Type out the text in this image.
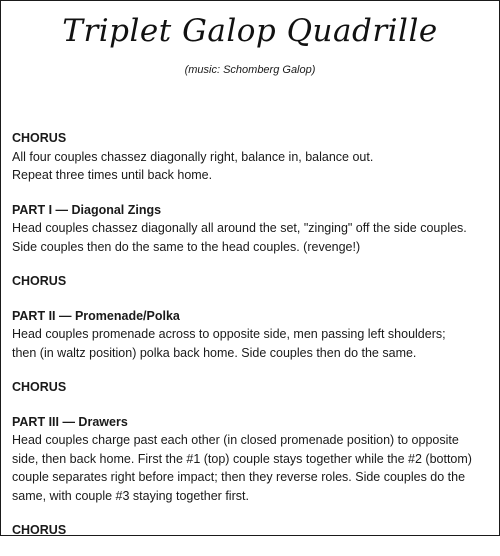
Triplet Galop Quadrille
(music: Schomberg Galop)
CHORUS
All four couples chassez diagonally right, balance in, balance out.
Repeat three times until back home.
PART I — Diagonal Zings
Head couples chassez diagonally all around the set, "zinging" off the side couples.
Side couples then do the same to the head couples. (revenge!)
CHORUS
PART II — Promenade/Polka
Head couples promenade across to opposite side, men passing left shoulders;
then (in waltz position) polka back home. Side couples then do the same.
CHORUS
PART III — Drawers
Head couples charge past each other (in closed promenade position) to opposite
side, then back home. First the #1 (top) couple stays together while the #2 (bottom)
couple separates right before impact; then they reverse roles. Side couples do the
same, with couple #3 staying together first.
CHORUS
